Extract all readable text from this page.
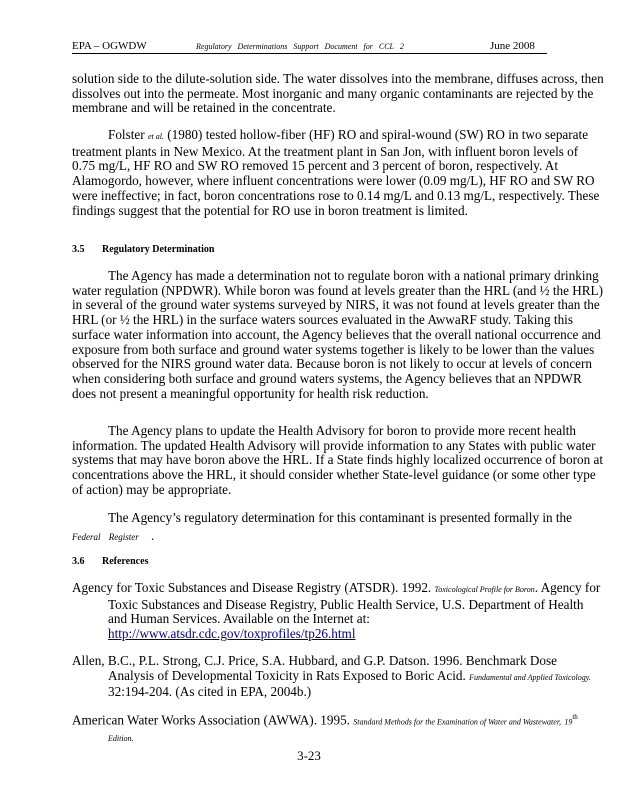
EPA – OGWDW	Regulatory Determinations Support Document for CCL 2	June 2008
solution side to the dilute-solution side. The water dissolves into the membrane, diffuses across, then dissolves out into the permeate. Most inorganic and many organic contaminants are rejected by the membrane and will be retained in the concentrate.
Folster et al. (1980) tested hollow-fiber (HF) RO and spiral-wound (SW) RO in two separate treatment plants in New Mexico. At the treatment plant in San Jon, with influent boron levels of 0.75 mg/L, HF RO and SW RO removed 15 percent and 3 percent of boron, respectively. At Alamogordo, however, where influent concentrations were lower (0.09 mg/L), HF RO and SW RO were ineffective; in fact, boron concentrations rose to 0.14 mg/L and 0.13 mg/L, respectively. These findings suggest that the potential for RO use in boron treatment is limited.
3.5 Regulatory Determination
The Agency has made a determination not to regulate boron with a national primary drinking water regulation (NPDWR). While boron was found at levels greater than the HRL (and ½ the HRL) in several of the ground water systems surveyed by NIRS, it was not found at levels greater than the HRL (or ½ the HRL) in the surface waters sources evaluated in the AwwaRF study. Taking this surface water information into account, the Agency believes that the overall national occurrence and exposure from both surface and ground water systems together is likely to be lower than the values observed for the NIRS ground water data. Because boron is not likely to occur at levels of concern when considering both surface and ground waters systems, the Agency believes that an NPDWR does not present a meaningful opportunity for health risk reduction.
The Agency plans to update the Health Advisory for boron to provide more recent health information. The updated Health Advisory will provide information to any States with public water systems that may have boron above the HRL. If a State finds highly localized occurrence of boron at concentrations above the HRL, it should consider whether State-level guidance (or some other type of action) may be appropriate.
The Agency’s regulatory determination for this contaminant is presented formally in the
Federal Register .
3.6 References
Agency for Toxic Substances and Disease Registry (ATSDR). 1992. Toxicological Profile for Boron. Agency for Toxic Substances and Disease Registry, Public Health Service, U.S. Department of Health and Human Services. Available on the Internet at: http://www.atsdr.cdc.gov/toxprofiles/tp26.html
Allen, B.C., P.L. Strong, C.J. Price, S.A. Hubbard, and G.P. Datson. 1996. Benchmark Dose Analysis of Developmental Toxicity in Rats Exposed to Boric Acid. Fundamental and Applied Toxicology. 32:194-204. (As cited in EPA, 2004b.)
American Water Works Association (AWWA). 1995. Standard Methods for the Examination of Water and Wastewater, 19th Edition.
3-23
